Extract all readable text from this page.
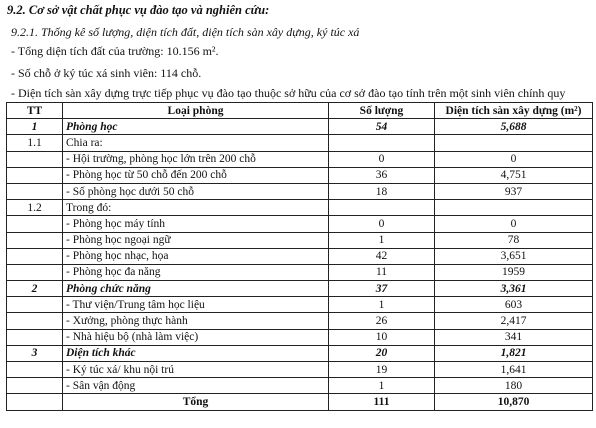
9.2. Cơ sở vật chất phục vụ đào tạo và nghiên cứu:
9.2.1. Thống kê số lượng, diện tích đất, diện tích sàn xây dựng, ký túc xá
- Tổng diện tích đất của trường: 10.156 m².
- Số chỗ ở ký túc xá sinh viên: 114 chỗ.
- Diện tích sàn xây dựng trực tiếp phục vụ đào tạo thuộc sở hữu của cơ sở đào tạo tính trên một sinh viên chính quy
TT	Loại phòng	Số lượng	Diện tích sàn xây dựng (m²)
1	Phòng học	54	5,688
1.1	Chia ra:		
	- Hội trường, phòng học lớn trên 200 chỗ	0	0
	- Phòng học từ 50 chỗ đến 200 chỗ	36	4,751
	- Số phòng học dưới 50 chỗ	18	937
1.2	Trong đó:		
	- Phòng học máy tính	0	0
	- Phòng học ngoại ngữ	1	78
	- Phòng học nhạc, họa	42	3,651
	- Phòng học đa năng	11	1959
2	Phòng chức năng	37	3,361
	- Thư viện/Trung tâm học liệu	1	603
	- Xưởng, phòng thực hành	26	2,417
	- Nhà hiệu bộ (nhà làm việc)	10	341
3	Diện tích khác	20	1,821
	- Ký túc xá/ khu nội trú	19	1,641
	- Sân vận động	1	180
	Tổng	111	10,870
